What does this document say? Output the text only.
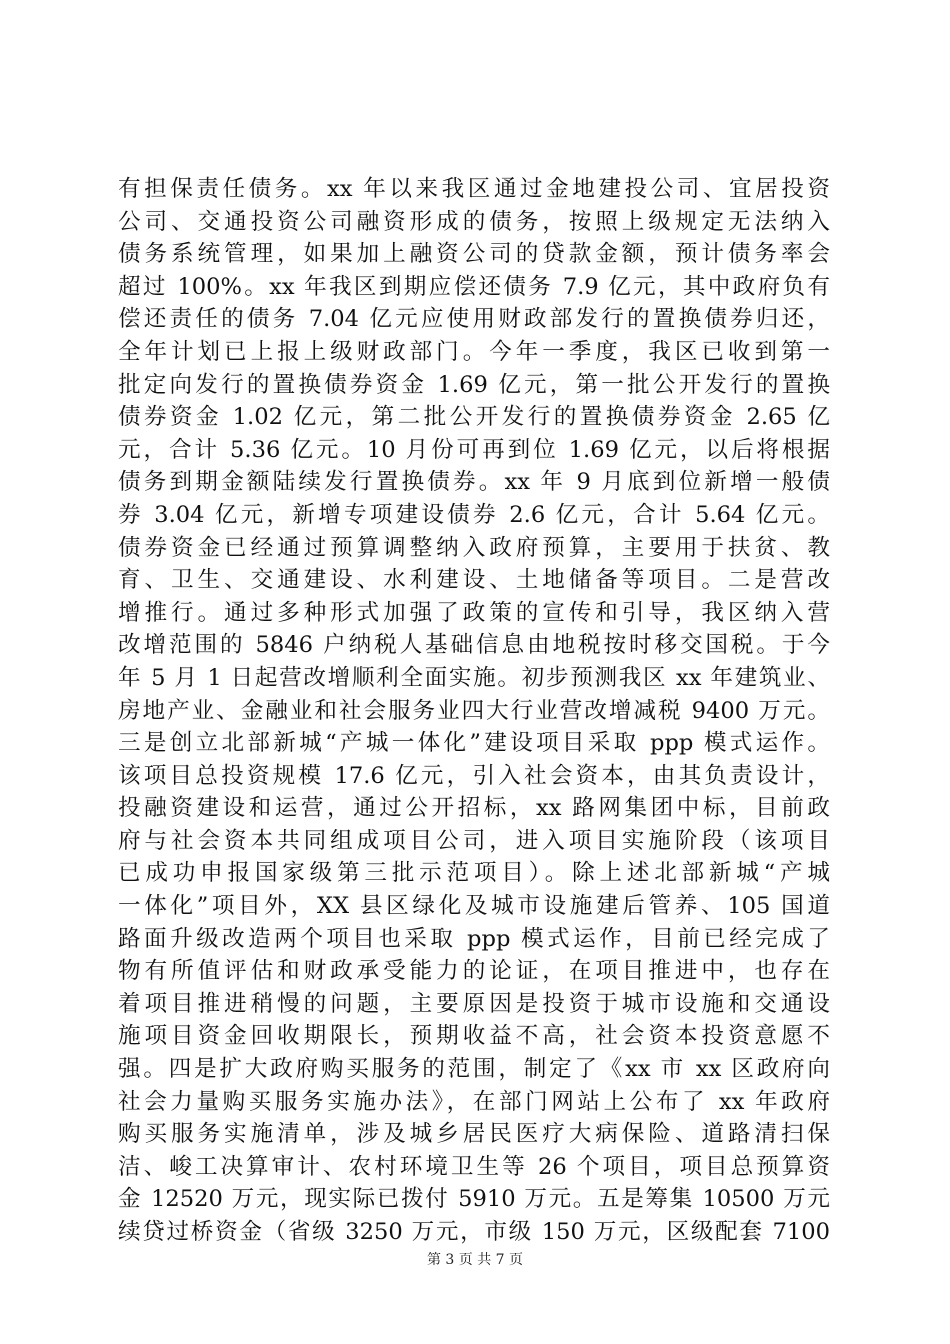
有担保责任债务。xx 年以来我区通过金地建投公司、宜居投资
公司、交通投资公司融资形成的债务，按照上级规定无法纳入
债务系统管理，如果加上融资公司的贷款金额，预计债务率会
超过 100%。xx 年我区到期应偿还债务 7.9 亿元，其中政府负有
偿还责任的债务 7.04 亿元应使用财政部发行的置换债券归还，
全年计划已上报上级财政部门。今年一季度，我区已收到第一
批定向发行的置换债券资金 1.69 亿元，第一批公开发行的置换
债券资金 1.02 亿元，第二批公开发行的置换债券资金 2.65 亿
元，合计 5.36 亿元。10 月份可再到位 1.69 亿元，以后将根据
债务到期金额陆续发行置换债券。xx 年 9 月底到位新增一般债
券 3.04 亿元，新增专项建设债券 2.6 亿元，合计 5.64 亿元。
债券资金已经通过预算调整纳入政府预算，主要用于扶贫、教
育、卫生、交通建设、水利建设、土地储备等项目。二是营改
增推行。通过多种形式加强了政策的宣传和引导，我区纳入营
改增范围的 5846 户纳税人基础信息由地税按时移交国税。于今
年 5 月 1 日起营改增顺利全面实施。初步预测我区 xx 年建筑业、
房地产业、金融业和社会服务业四大行业营改增减税 9400 万元。
三是创立北部新城“产城一体化”建设项目采取 ppp 模式运作。
该项目总投资规模 17.6 亿元，引入社会资本，由其负责设计，
投融资建设和运营，通过公开招标，xx 路网集团中标，目前政
府与社会资本共同组成项目公司，进入项目实施阶段（该项目
已成功申报国家级第三批示范项目）。除上述北部新城“产城
一体化”项目外，XX 县区绿化及城市设施建后管养、105 国道
路面升级改造两个项目也采取 ppp 模式运作，目前已经完成了
物有所值评估和财政承受能力的论证，在项目推进中，也存在
着项目推进稍慢的问题，主要原因是投资于城市设施和交通设
施项目资金回收期限长，预期收益不高，社会资本投资意愿不
强。四是扩大政府购买服务的范围，制定了《xx 市 xx 区政府向
社会力量购买服务实施办法》，在部门网站上公布了 xx 年政府
购买服务实施清单，涉及城乡居民医疗大病保险、道路清扫保
洁、峻工决算审计、农村环境卫生等 26 个项目，项目总预算资
金 12520 万元，现实际已拨付 5910 万元。五是筹集 10500 万元
续贷过桥资金（省级 3250 万元，市级 150 万元，区级配套 7100
第 3 页 共 7 页
